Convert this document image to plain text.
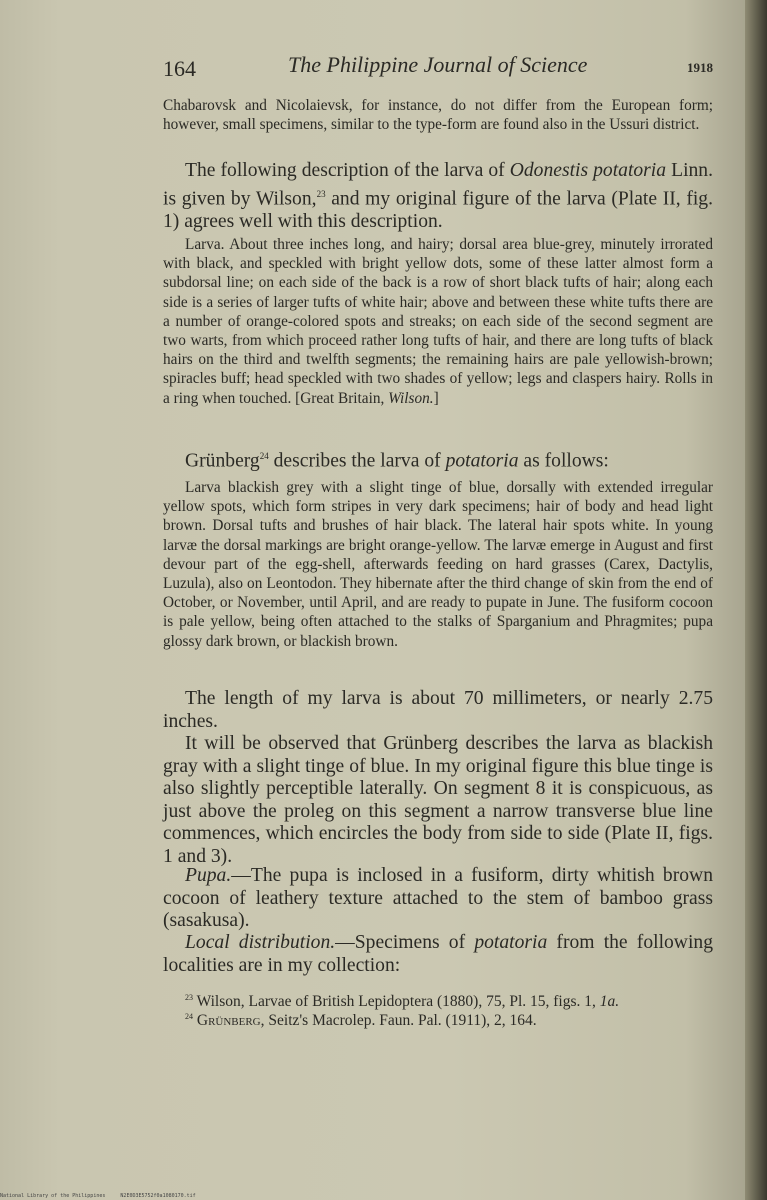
164	The Philippine Journal of Science	1918

Chabarovsk and Nicolaievsk, for instance, do not differ from the European form; however, small specimens, similar to the type-form are found also in the Ussuri district.

The following description of the larva of Odonestis potatoria Linn. is given by Wilson,$^{23}$ and my original figure of the larva (Plate II, fig. 1) agrees well with this description.

Larva. About three inches long, and hairy; dorsal area blue-grey, minutely irrorated with black, and speckled with bright yellow dots, some of these latter almost form a subdorsal line; on each side of the back is a row of short black tufts of hair; along each side is a series of larger tufts of white hair; above and between these white tufts there are a number of orange-colored spots and streaks; on each side of the second segment are two warts, from which proceed rather long tufts of hair, and there are long tufts of black hairs on the third and twelfth segments; the remaining hairs are pale yellowish-brown; spiracles buff; head speckled with two shades of yellow; legs and claspers hairy. Rolls in a ring when touched. [Great Britain, Wilson.]

Grünberg$^{24}$ describes the larva of potatoria as follows:

Larva blackish grey with a slight tinge of blue, dorsally with extended irregular yellow spots, which form stripes in very dark specimens; hair of body and head light brown. Dorsal tufts and brushes of hair black. The lateral hair spots white. In young larvæ the dorsal markings are bright orange-yellow. The larvæ emerge in August and first devour part of the egg-shell, afterwards feeding on hard grasses (Carex, Dactylis, Luzula), also on Leontodon. They hibernate after the third change of skin from the end of October, or November, until April, and are ready to pupate in June. The fusiform cocoon is pale yellow, being often attached to the stalks of Sparganium and Phragmites; pupa glossy dark brown, or blackish brown.

The length of my larva is about 70 millimeters, or nearly 2.75 inches.

It will be observed that Grünberg describes the larva as blackish gray with a slight tinge of blue. In my original figure this blue tinge is also slightly perceptible laterally. On segment 8 it is conspicuous, as just above the proleg on this segment a narrow transverse blue line commences, which encircles the body from side to side (Plate II, figs. 1 and 3).

Pupa.—The pupa is inclosed in a fusiform, dirty whitish brown cocoon of leathery texture attached to the stem of bamboo grass (sasakusa).

Local distribution.—Specimens of potatoria from the following localities are in my collection:

$^{23}$ Wilson, Larvae of British Lepidoptera (1880), 75, Pl. 15, figs. 1, 1a.

$^{24}$ Grünberg, Seitz's Macrolep. Faun. Pal. (1911), 2, 164.

National Library of the Philippines	N2E0D3E5752f0a1080170.tif
